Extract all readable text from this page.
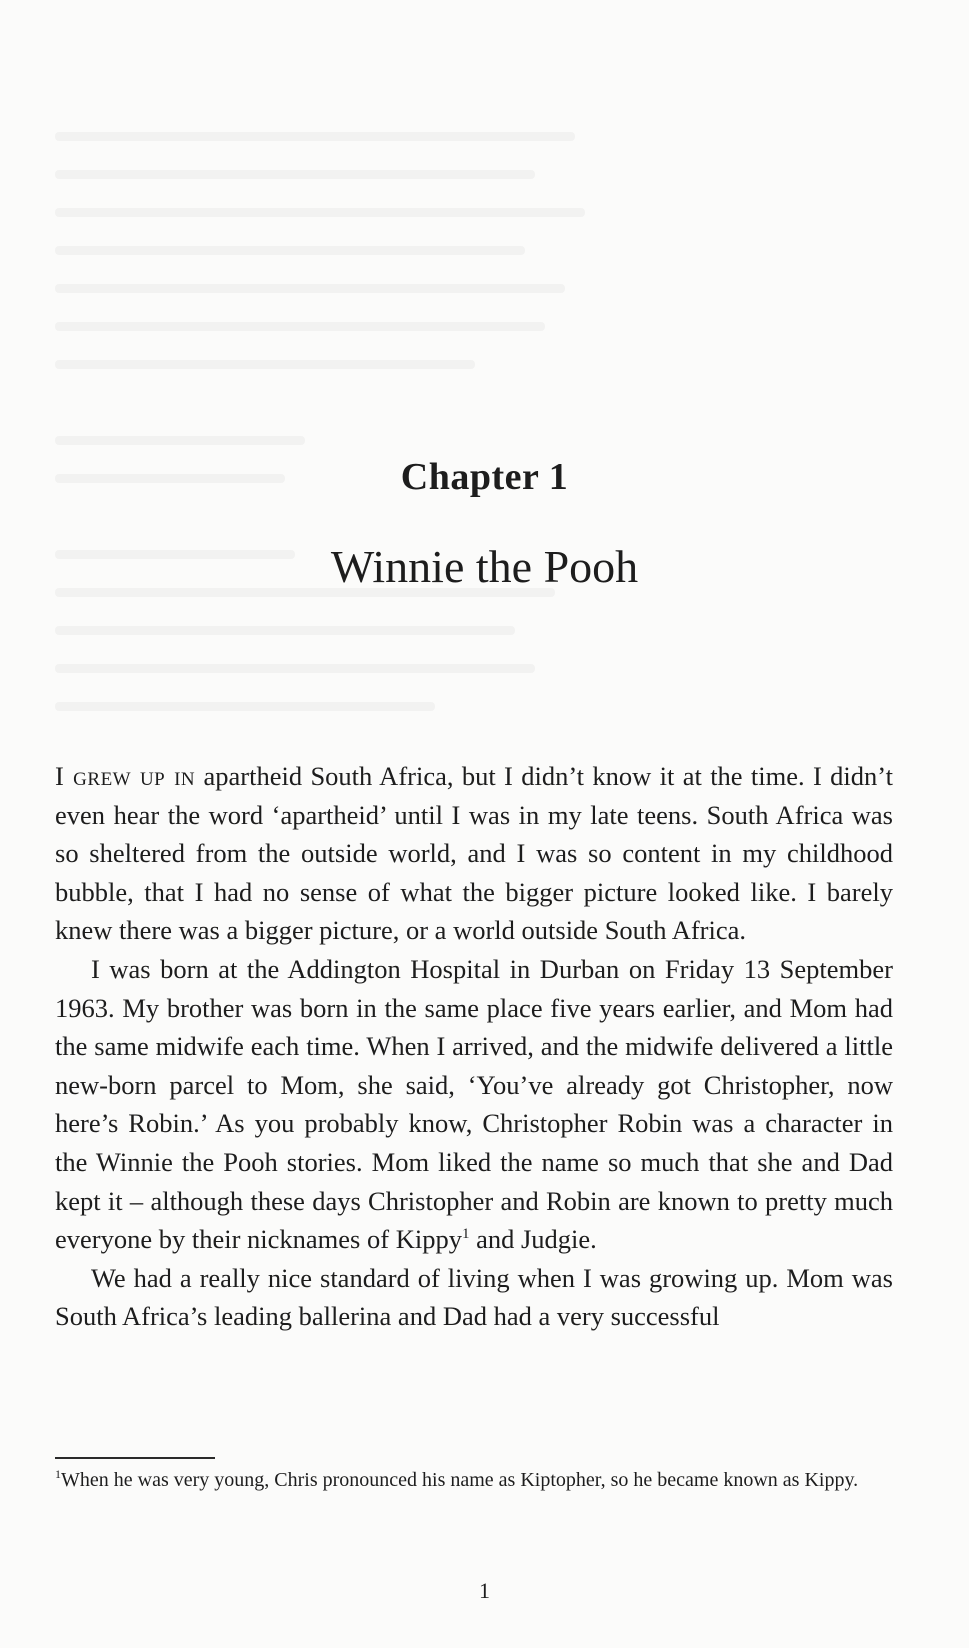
Chapter 1
Winnie the Pooh

I grew up in apartheid South Africa, but I didn’t know it at the time. I didn’t even hear the word ‘apartheid’ until I was in my late teens. South Africa was so sheltered from the outside world, and I was so content in my childhood bubble, that I had no sense of what the bigger picture looked like. I barely knew there was a bigger picture, or a world outside South Africa.

I was born at the Addington Hospital in Durban on Friday 13 September 1963. My brother was born in the same place five years earlier, and Mom had the same midwife each time. When I arrived, and the midwife delivered a little new-born parcel to Mom, she said, ‘You’ve already got Christopher, now here’s Robin.’ As you probably know, Christopher Robin was a character in the Winnie the Pooh stories. Mom liked the name so much that she and Dad kept it – although these days Christopher and Robin are known to pretty much everyone by their nicknames of Kippy$^1$ and Judgie.

We had a really nice standard of living when I was growing up. Mom was South Africa’s leading ballerina and Dad had a very successful

$^1$When he was very young, Chris pronounced his name as Kiptopher, so he became known as Kippy.
1
